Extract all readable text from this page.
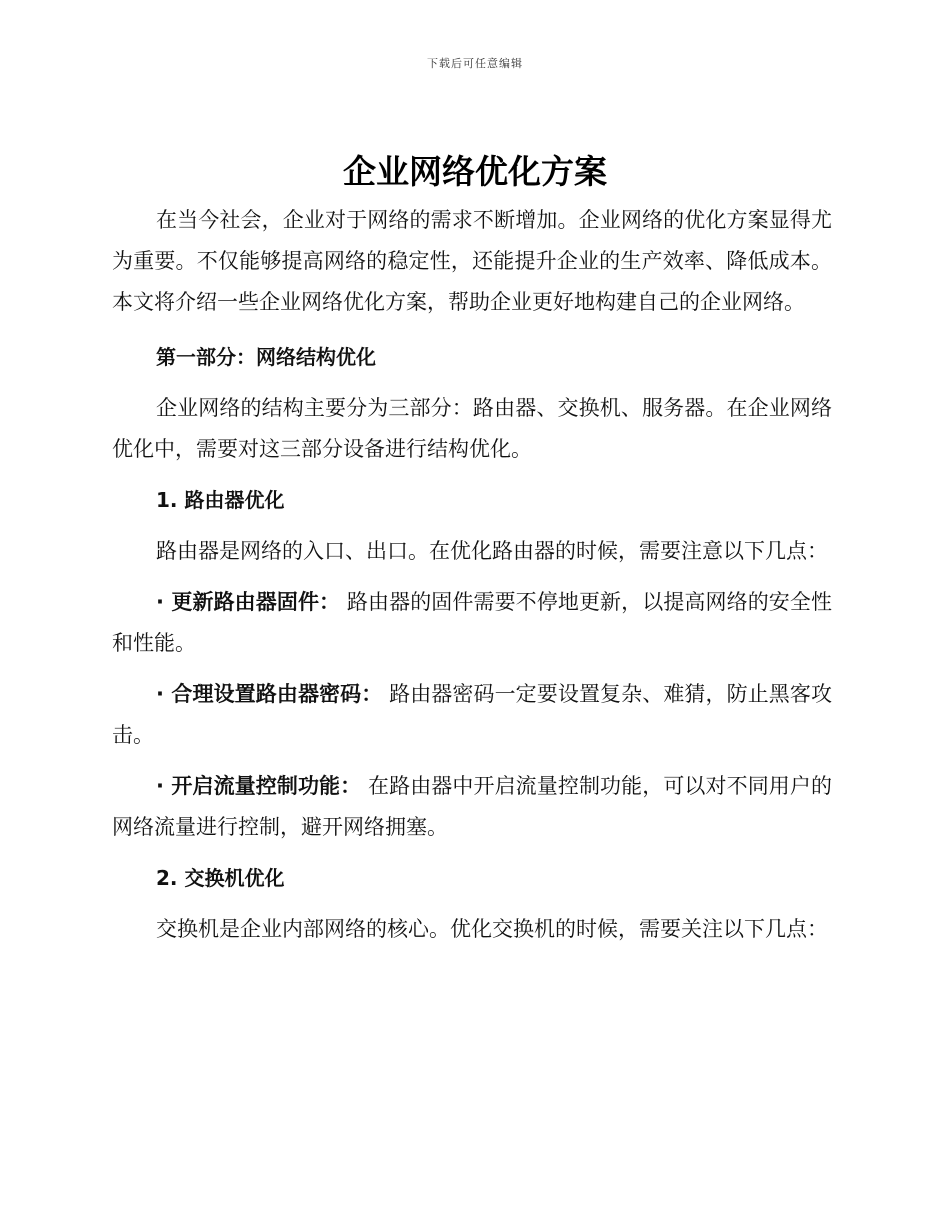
下载后可任意编辑
企业网络优化方案

在当今社会，企业对于网络的需求不断增加。企业网络的优化方案显得尤为重要。不仅能够提高网络的稳定性，还能提升企业的生产效率、降低成本。本文将介绍一些企业网络优化方案，帮助企业更好地构建自己的企业网络。

第一部分：网络结构优化

企业网络的结构主要分为三部分：路由器、交换机、服务器。在企业网络优化中，需要对这三部分设备进行结构优化。

1. 路由器优化

路由器是网络的入口、出口。在优化路由器的时候，需要注意以下几点：

· 更新路由器固件： 路由器的固件需要不停地更新，以提高网络的安全性和性能。

· 合理设置路由器密码： 路由器密码一定要设置复杂、难猜，防止黑客攻击。

· 开启流量控制功能： 在路由器中开启流量控制功能，可以对不同用户的网络流量进行控制，避开网络拥塞。

2. 交换机优化

交换机是企业内部网络的核心。优化交换机的时候，需要关注以下几点：
